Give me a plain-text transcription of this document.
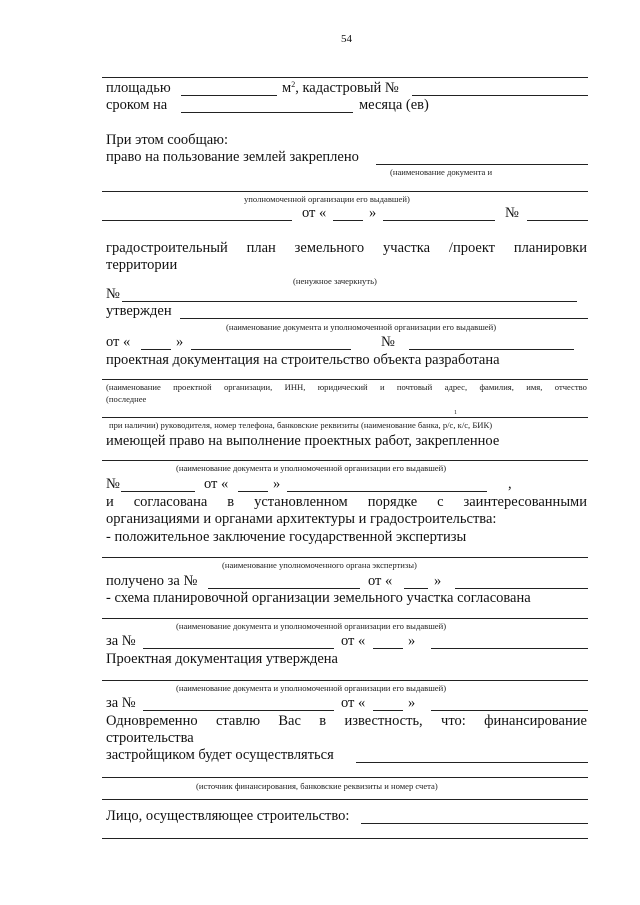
54
площадью	$м^2$, кадастровый №
сроком на	месяца (ев)
При этом сообщаю:
право на пользование землей закреплено
(наименование документа и
уполномоченной организации его выдавшей)
от «	»	№
градостроительный план земельного участка /проект планировки
территории
(ненужное зачеркнуть)
№
утвержден
(наименование документа и уполномоченной организации его выдавшей)
от «	»	№
проектная документация на строительство объекта разработана
(наименование проектной организации, ИНН, юридический и почтовый адрес, фамилия, имя, отчество
(последнее
1
при наличии) руководителя, номер телефона, банковские реквизиты (наименование банка, р/с, к/с, БИК)
имеющей право на выполнение проектных работ, закрепленное
(наименование документа и уполномоченной организации его выдавшей)
№	от «	»	,
и согласована в установленном порядке с заинтересованными
организациями и органами архитектуры и градостроительства:
- положительное заключение государственной экспертизы
(наименование уполномоченного органа экспертизы)
получено за №	от «	»
- схема планировочной организации земельного участка согласована
(наименование документа и уполномоченной организации его выдавшей)
за №	от «	»
Проектная документация утверждена
(наименование документа и уполномоченной организации его выдавшей)
за №	от «	»
Одновременно ставлю Вас в известность, что: финансирование
строительства
застройщиком будет осуществляться
(источник финансирования, банковские реквизиты и номер счета)
Лицо, осуществляющее строительство:
